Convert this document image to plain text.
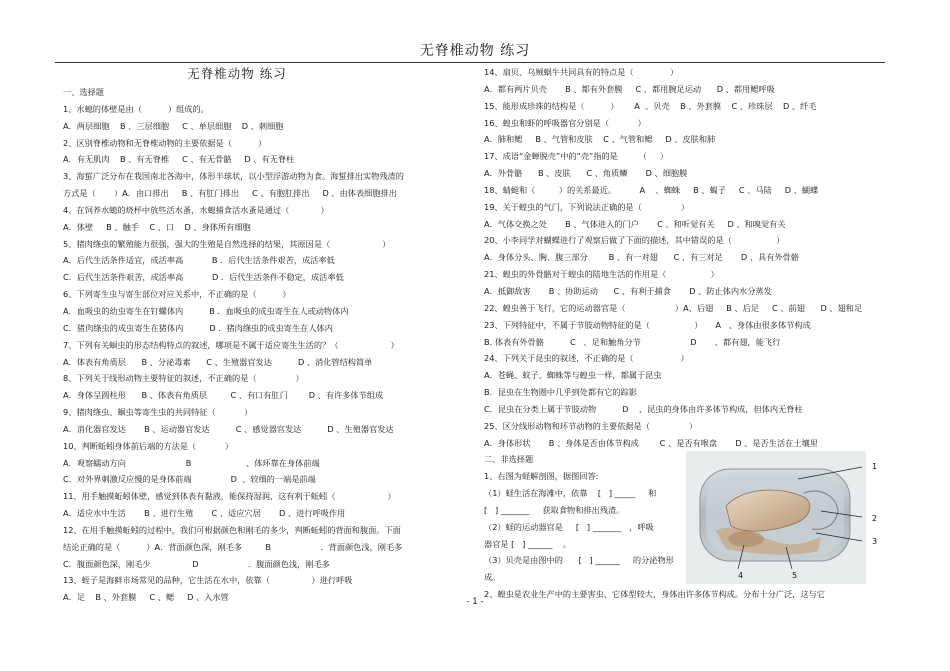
无脊椎动物 练习
无脊椎动物 练习
一、选择题
1、水螅的体壁是由（          ）组成的。
A．两层细胞    B 、三层细胞     C 、单层细胞    D 、刺细胞
2、区别脊椎动物和无脊椎动物的主要依据是（          ）
A．有无肌肉    B 、有无脊椎     C 、有无骨骼     D 、有无脊柱
3、海蜇广泛分布在我国南北各海中，体形半球状，以小型浮游动物为食。海蜇排出实物残渣的
方式是（       ）A．由口排出     B 、有肛门排出     C 、有胞肛排出     D 、由体表细胞排出
4、在饲养水螅的烧杯中放些活水蚤，水螅捕食活水蚤是通过（            ）
A．体壁     B 、触手    C 、口    D 、身体所有细胞
5、猪肉绦虫的繁殖能力很强，强大的生殖是自然选择的结果，其原因是（                    ）
A．后代生活条件适宜，成活率高           B ．后代生活条件艰苦，成活率低
C．后代生活条件艰苦，成活率高           D ．后代生活条件不稳定，成活率低
6、下列寄生虫与寄生部位对应关系中，不正确的是（          ）
A．血吸虫的幼虫寄生在钉螺体内          B ．血吸虫的成虫寄生在人或动物体内
C．猪肉绦虫的成虫寄生在猪体内          D ．猪肉绦虫的成虫寄生在人体内
7、下列有关蛔虫的形态结构特点的叙述，哪项是不属于适应寄生生活的？（                    ）
A．体表有角质层      B 、分泌毒素      C 、生殖器官发达          D 、消化管结构简单
8、下列关于线形动物主要特征的叙述，不正确的是（               ）
A．身体呈圆柱形      B 、体表有角质层         C 、有口有肛门        D 、有许多体节组成
9、猪肉绦虫、蛔虫等寄生虫的共同特征（           ）
A．消化器官发达       B 、运动器官发达          C 、感觉器官发达          D 、生殖器官发达
10、判断蚯蚓身体前后端的方法是（           ）
A．观察蠕动方向                       B                     、体环靠在身体前端
C．对外界刺激反应慢的是身体前端               D  、较细的一端是前端
11、用手触摸蚯蚓体壁，感觉到体表有黏液，能保持湿润，这有利于蚯蚓（                    ）
A．适应水中生活       B 、进行生殖       C 、适应穴居       D 、进行呼吸作用
12、在用手触摸蚯蚓的过程中，我们可根据颜色和刚毛的多少，判断蚯蚓的背面和腹面。下面
结论正确的是（          ）A．背面颜色深，刚毛多         B                   ．背面颜色浅，刚毛多
C．腹面颜色深，刚毛少                D                   ．腹面颜色浅，刚毛多
13、蛭子是海鲜市场常见的品种，它生活在水中，依靠（                ）进行呼吸
A．足    B 、外套膜     C 、鳃     D 、入水管
14、扇贝、乌贼蜗牛共同具有的特点是（              ）
A．都有两片贝壳       B 、都有外套膜     C 、都用腕足运动      D 、都用鳃呼吸
15、能形成珍珠的结构是（          ）      A  、贝壳    B 、外套膜    C 、珍珠层    D 、纤毛
16、蝗虫和虾的呼吸器官分别是（           ）
A．肺和鳃     B 、气管和皮肤    C 、气管和鳃     D 、皮肤和肺
17、成语“金蝉脱壳”中的“壳”指的是        （     ）
A．外骨骼      B 、皮肤      C 、角质鳞       D 、细胞膜
18、蜻蜓和（         ）的关系最近。         A    、蜘蛛     B 、蝎子     C 、马陆     D 、蝴蝶
19、关于蝗虫的气门，下列说法正确的是（               ）
A．气体交换之处       B 、气体进入的门户       C 、和听觉有关     D 、和嗅觉有关
20、小李同学对蝴蝶进行了观察后做了下面的描述，其中错误的是（                 ）
A．身体分头、胸、腹三部分        B 、有一对翅      C 、有三对足       D 、具有外骨骼
21、蝗虫的外骨骼对于蝗虫的陆地生活的作用是（                 ）
A．抵御敌害       B 、协助运动      C 、有利于捕食       D 、防止体内水分蒸发
22、蝗虫善于飞行，它的运动器官是（                   ）A、后翅     B 、后足     C 、前翅      D 、翅和足
23、下列特征中，不属于节肢动物特征的是（                 ）     A   、身体由很多体节构成
B. 体表有外骨骼          C   、足和触角分节                   D       、都有翅，能飞行
24、下列关于昆虫的叙述，不正确的是（                  ）
A．苍蝇、蚊子、蜘蛛等与蝗虫一样，都属于昆虫
B．昆虫在生物圈中几乎到处都有它的踪影
C．昆虫在分类上属于节肢动物          D    、昆虫的身体由许多体节构成，但体内无脊柱
25、区分线形动物和环节动物的主要依据是（               ）
A．身体形状       B 、身体是否由体节构成        C 、是否有喉盘       D 、是否生活在土壤里
二、非选择题
1、右图为蛏解剖图，据图回答:
（1）蛏生活在海滩中，依靠    [   ] _____     和
[   ] _______     获取食物和排出残渣。
（2）蛏的运动器官是     [   ] _______   ，呼吸
器官是 [   ] ______    。
（3）贝壳是由图中的      [   ] ______     的分泌物形
成。
2、蝗虫是农业生产中的主要害虫，它体型较大，身体由许多体节构成。分布十分广泛，这与它
1
2
3
4	5
- 1 -
